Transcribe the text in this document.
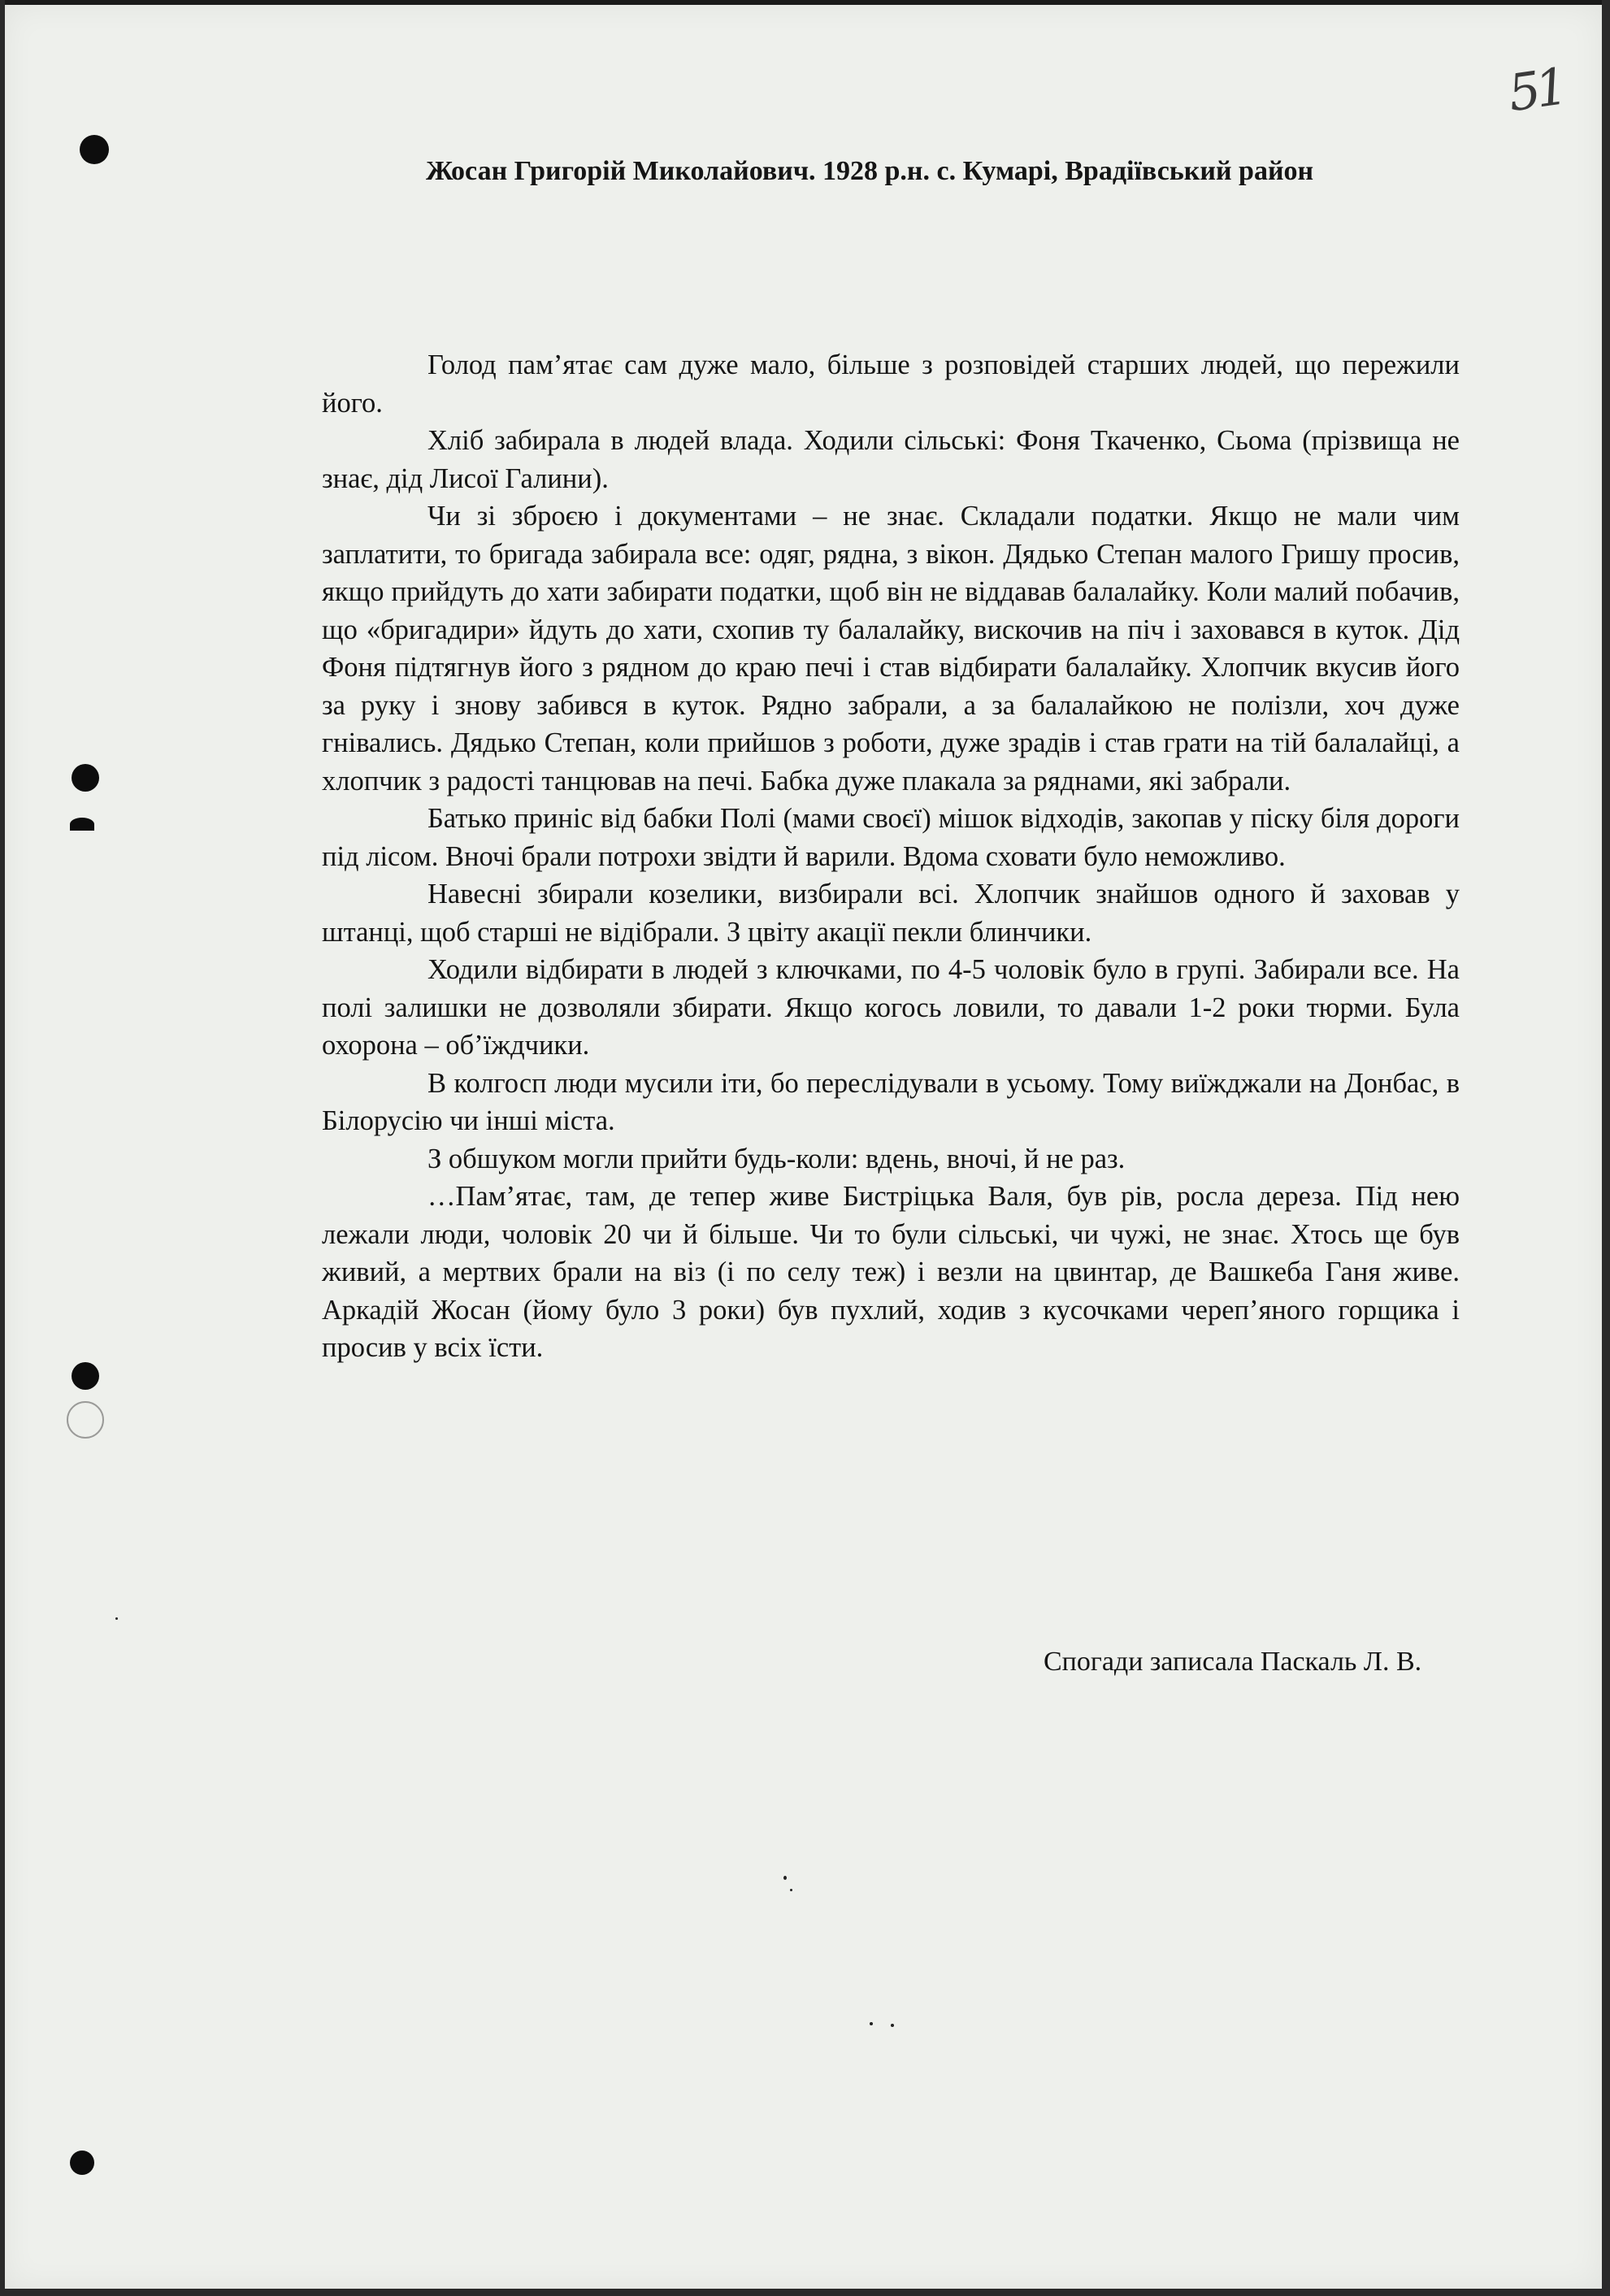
51
Жосан Григорій Миколайович. 1928 р.н. с. Кумарі, Врадіївський район

Голод пам’ятає сам дуже мало, більше з розповідей старших людей, що пережили його.

Хліб забирала в людей влада. Ходили сільські: Фоня Ткаченко, Сьома (прізвища не знає, дід Лисої Галини).

Чи зі зброєю і документами – не знає. Складали податки. Якщо не мали чим заплатити, то бригада забирала все: одяг, рядна, з вікон. Дядько Степан малого Гришу просив, якщо прийдуть до хати забирати податки, щоб він не віддавав балалайку. Коли малий побачив, що «бригадири» йдуть до хати, схопив ту балалайку, вискочив на піч і заховався в куток. Дід Фоня підтягнув його з рядном до краю печі і став відбирати балалайку. Хлопчик вкусив його за руку і знову забився в куток. Рядно забрали, а за балалайкою не полізли, хоч дуже гнівались. Дядько Степан, коли прийшов з роботи, дуже зрадів і став грати на тій балалайці, а хлопчик з радості танцював на печі. Бабка дуже плакала за ряднами, які забрали.

Батько приніс від бабки Полі (мами своєї) мішок відходів, закопав у піску біля дороги під лісом. Вночі брали потрохи звідти й варили. Вдома сховати було неможливо.

Навесні збирали козелики, визбирали всі. Хлопчик знайшов одного й заховав у штанці, щоб старші не відібрали. З цвіту акації пекли блинчики.

Ходили відбирати в людей з ключками, по 4-5 чоловік було в групі. Забирали все. На полі залишки не дозволяли збирати. Якщо когось ловили, то давали 1-2 роки тюрми. Була охорона – об’їждчики.

В колгосп люди мусили іти, бо переслідували в усьому. Тому виїжджали на Донбас, в Білорусію чи інші міста.

З обшуком могли прийти будь-коли: вдень, вночі, й не раз.

…Пам’ятає, там, де тепер живе Бистріцька Валя, був рів, росла дереза. Під нею лежали люди, чоловік 20 чи й більше. Чи то були сільські, чи чужі, не знає. Хтось ще був живий, а мертвих брали на віз (і по селу теж) і везли на цвинтар, де Вашкеба Ганя живе. Аркадій Жосан (йому було 3 роки) був пухлий, ходив з кусочками череп’яного горщика і просив у всіх їсти.

Спогади записала Паскаль Л. В.
